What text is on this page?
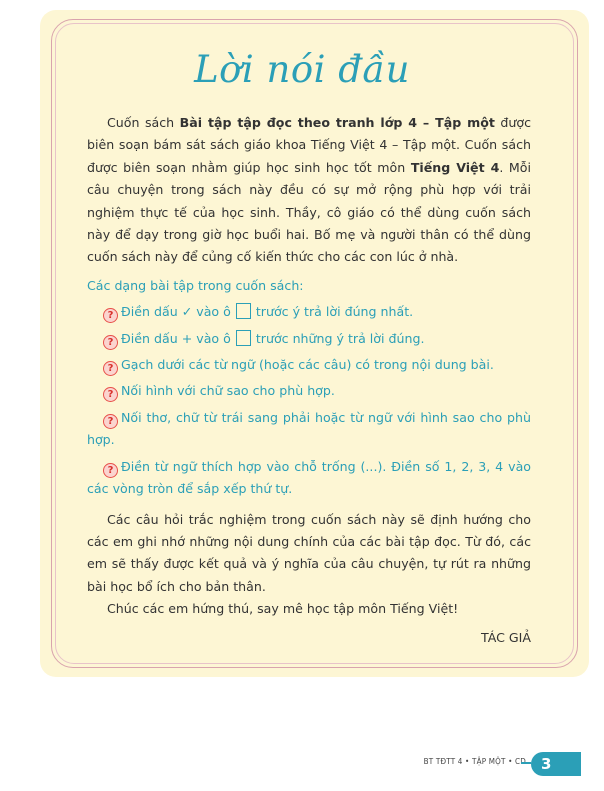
Lời nói đầu

Cuốn sách Bài tập tập đọc theo tranh lớp 4 – Tập một được biên soạn bám sát sách giáo khoa Tiếng Việt 4 – Tập một. Cuốn sách được biên soạn nhằm giúp học sinh học tốt môn Tiếng Việt 4. Mỗi câu chuyện trong sách này đều có sự mở rộng phù hợp với trải nghiệm thực tế của học sinh. Thầy, cô giáo có thể dùng cuốn sách này để dạy trong giờ học buổi hai. Bố mẹ và người thân có thể dùng cuốn sách này để củng cố kiến thức cho các con lúc ở nhà.

Các dạng bài tập trong cuốn sách:

? Điền dấu ✓ vào ô  trước ý trả lời đúng nhất.

? Điền dấu + vào ô  trước những ý trả lời đúng.

? Gạch dưới các từ ngữ (hoặc các câu) có trong nội dung bài.

? Nối hình với chữ sao cho phù hợp.

? Nối thơ, chữ từ trái sang phải hoặc từ ngữ với hình sao cho phù hợp.

? Điền từ ngữ thích hợp vào chỗ trống (...). Điền số 1, 2, 3, 4 vào các vòng tròn để sắp xếp thứ tự.

Các câu hỏi trắc nghiệm trong cuốn sách này sẽ định hướng cho các em ghi nhớ những nội dung chính của các bài tập đọc. Từ đó, các em sẽ thấy được kết quả và ý nghĩa của câu chuyện, tự rút ra những bài học bổ ích cho bản thân.

Chúc các em hứng thú, say mê học tập môn Tiếng Việt!

TÁC GIẢ

BT TĐTT 4 • TẬP MỘT • CD	3
